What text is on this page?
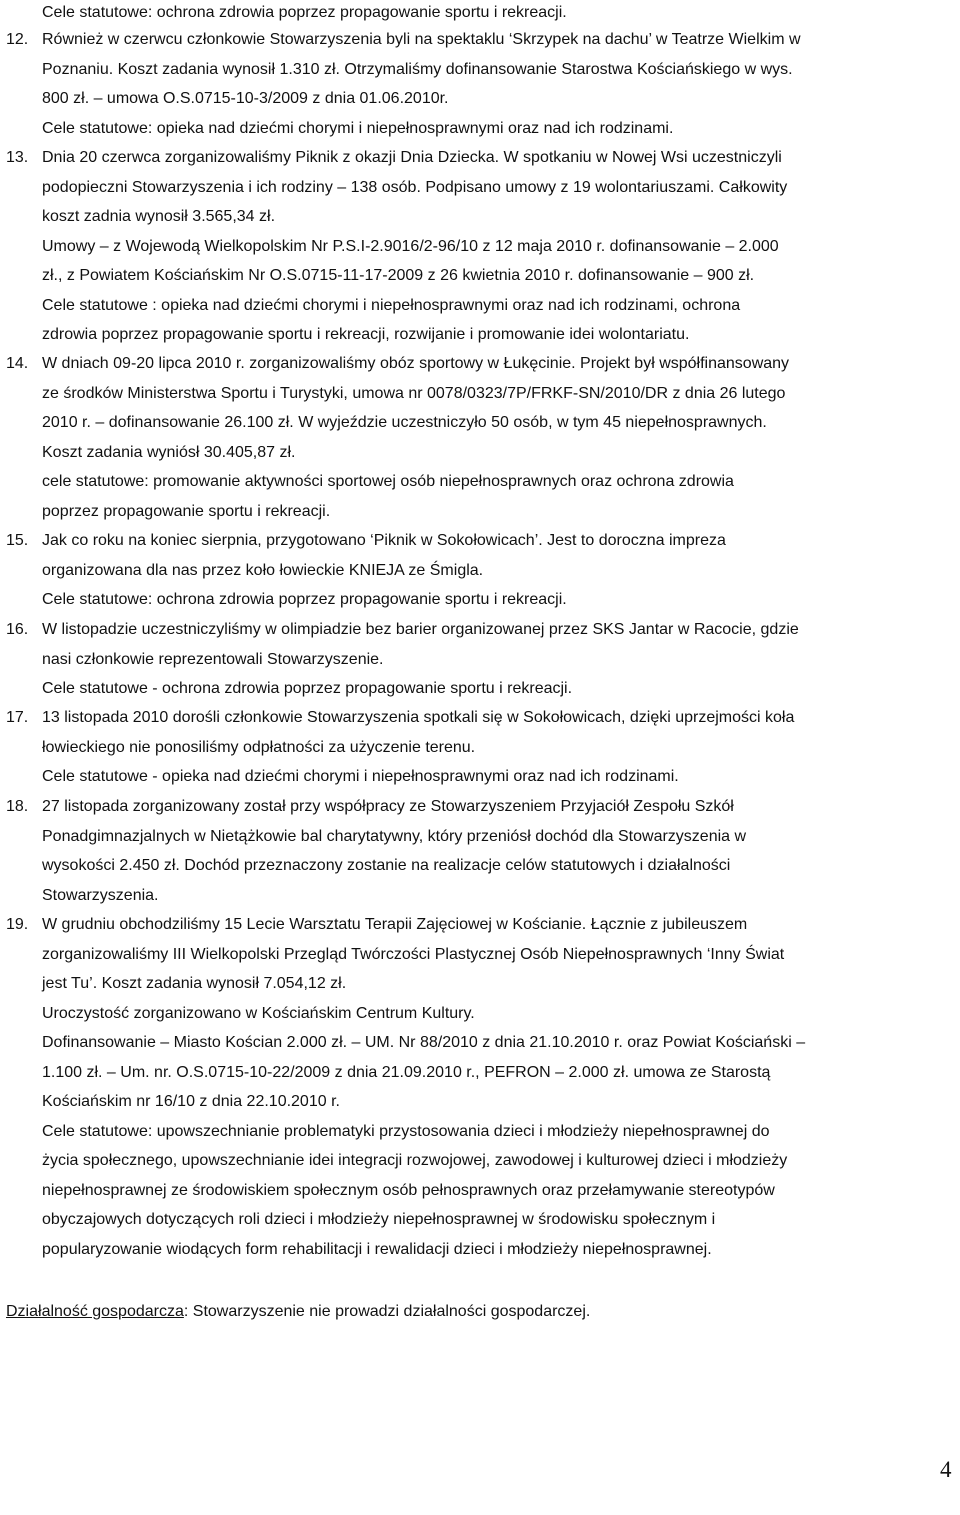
Cele statutowe: ochrona zdrowia poprzez propagowanie sportu i rekreacji.
12. Również w czerwcu członkowie Stowarzyszenia byli na spektaklu ‘Skrzypek na dachu’ w Teatrze Wielkim w
Poznaniu. Koszt zadania wynosił 1.310 zł. Otrzymaliśmy dofinansowanie Starostwa Kościańskiego w wys.
800 zł. – umowa O.S.0715-10-3/2009 z dnia 01.06.2010r.
Cele statutowe: opieka nad dziećmi chorymi i niepełnosprawnymi oraz nad ich rodzinami.
13. Dnia 20 czerwca zorganizowaliśmy Piknik z okazji Dnia Dziecka. W spotkaniu w Nowej Wsi uczestniczyli
podopieczni Stowarzyszenia i ich rodziny – 138 osób. Podpisano umowy z 19 wolontariuszami. Całkowity
koszt zadnia wynosił 3.565,34 zł.
Umowy – z Wojewodą Wielkopolskim Nr P.S.I-2.9016/2-96/10 z 12 maja 2010 r. dofinansowanie – 2.000
zł., z Powiatem Kościańskim Nr O.S.0715-11-17-2009 z 26 kwietnia 2010 r. dofinansowanie – 900 zł.
Cele statutowe : opieka nad dziećmi chorymi i niepełnosprawnymi oraz nad ich rodzinami, ochrona
zdrowia poprzez propagowanie sportu i rekreacji, rozwijanie i promowanie idei wolontariatu.
14. W dniach 09-20 lipca 2010 r. zorganizowaliśmy obóz sportowy w Łukęcinie. Projekt był współfinansowany
ze środków Ministerstwa Sportu i Turystyki, umowa nr 0078/0323/7P/FRKF-SN/2010/DR z dnia 26 lutego
2010 r. – dofinansowanie 26.100 zł. W wyjeździe uczestniczyło 50 osób, w tym 45 niepełnosprawnych.
Koszt zadania wyniósł 30.405,87 zł.
cele statutowe: promowanie aktywności sportowej osób niepełnosprawnych oraz ochrona zdrowia
poprzez propagowanie sportu i rekreacji.
15. Jak co roku na koniec sierpnia, przygotowano ‘Piknik w Sokołowicach’. Jest to doroczna impreza
organizowana dla nas przez koło łowieckie KNIEJA ze Śmigla.
Cele statutowe: ochrona zdrowia poprzez propagowanie sportu i rekreacji.
16. W listopadzie uczestniczyliśmy w olimpiadzie bez barier organizowanej przez SKS Jantar w Racocie, gdzie
nasi członkowie reprezentowali Stowarzyszenie.
Cele statutowe - ochrona zdrowia poprzez propagowanie sportu i rekreacji.
17. 13 listopada 2010 dorośli członkowie Stowarzyszenia spotkali się w Sokołowicach, dzięki uprzejmości koła
łowieckiego nie ponosiliśmy odpłatności za użyczenie terenu.
Cele statutowe - opieka nad dziećmi chorymi i niepełnosprawnymi oraz nad ich rodzinami.
18. 27 listopada zorganizowany został przy współpracy ze Stowarzyszeniem Przyjaciół Zespołu Szkół
Ponadgimnazjalnych w Nietążkowie bal charytatywny, który przeniósł dochód dla Stowarzyszenia w
wysokości 2.450 zł. Dochód przeznaczony zostanie na realizacje celów statutowych i działalności
Stowarzyszenia.
19. W grudniu obchodziliśmy 15 Lecie Warsztatu Terapii Zajęciowej w Kościanie. Łącznie z jubileuszem
zorganizowaliśmy III Wielkopolski Przegląd Twórczości Plastycznej Osób Niepełnosprawnych ‘Inny Świat
jest Tu’. Koszt zadania wynosił 7.054,12 zł.
Uroczystość zorganizowano w Kościańskim Centrum Kultury.
Dofinansowanie – Miasto Kościan 2.000 zł. – UM. Nr 88/2010 z dnia 21.10.2010 r. oraz Powiat Kościański –
1.100 zł. – Um. nr. O.S.0715-10-22/2009 z dnia 21.09.2010 r., PEFRON – 2.000 zł. umowa ze Starostą
Kościańskim nr 16/10 z dnia 22.10.2010 r.
Cele statutowe: upowszechnianie problematyki przystosowania dzieci i młodzieży niepełnosprawnej do
życia społecznego, upowszechnianie idei integracji rozwojowej, zawodowej i kulturowej dzieci i młodzieży
niepełnosprawnej ze środowiskiem społecznym osób pełnosprawnych oraz przełamywanie stereotypów
obyczajowych dotyczących roli dzieci i młodzieży niepełnosprawnej w środowisku społecznym i
popularyzowanie wiodących form rehabilitacji i rewalidacji dzieci i młodzieży niepełnosprawnej.
Działalność gospodarcza: Stowarzyszenie nie prowadzi działalności gospodarczej.
4
